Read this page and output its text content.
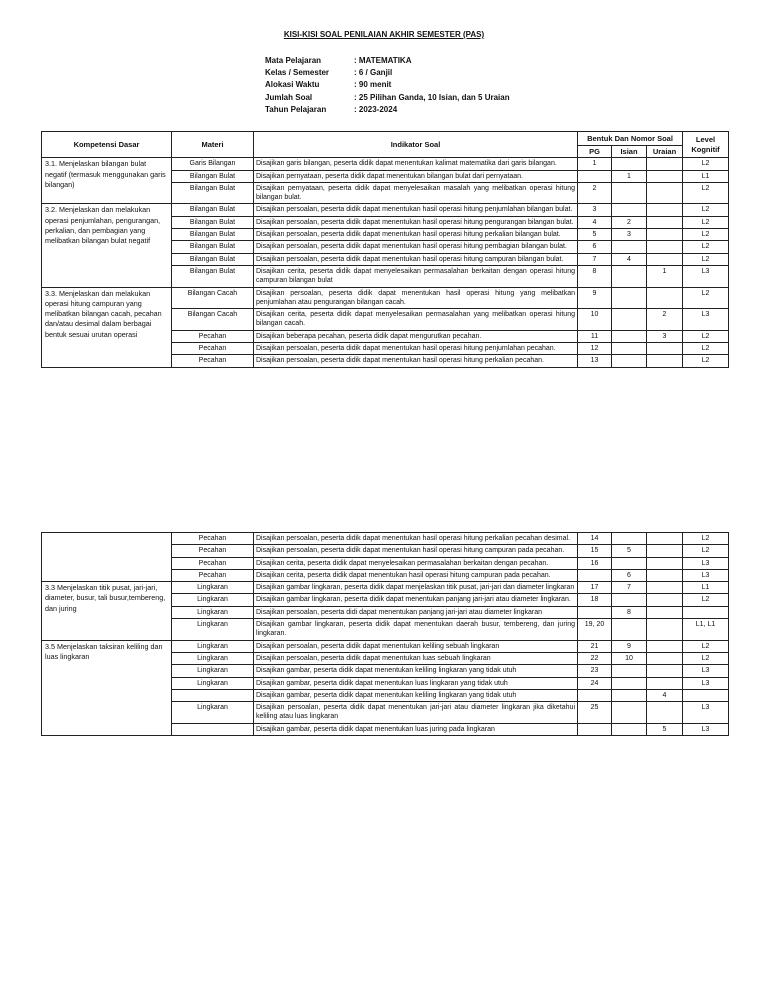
KISI-KISI SOAL PENILAIAN AKHIR SEMESTER (PAS)
Mata Pelajaran	: MATEMATIKA
Kelas / Semester	: 6 / Ganjil
Alokasi Waktu	: 90 menit
Jumlah Soal	: 25 Pilihan Ganda, 10 Isian, dan 5 Uraian
Tahun Pelajaran	: 2023-2024
Kompetensi Dasar	Materi	Indikator Soal	Bentuk Dan Nomor Soal			Level Kognitif
			PG	Isian	Uraian	
3.1. Menjelaskan bilangan bulat negatif (termasuk menggunakan garis bilangan)	Garis Bilangan	Disajikan garis bilangan, peserta didik dapat menentukan kalimat matematika dari garis bilangan.	1			L2
	Bilangan Bulat	Disajikan pernyataan, peserta didik dapat menentukan bilangan bulat dari pernyataan.		1		L1
	Bilangan Bulat	Disajikan pernyataan, peserta didik dapat menyelesaikan masalah yang melibatkan operasi hitung bilangan bulat.	2			L2
3.2. Menjelaskan dan melakukan operasi penjumlahan, pengurangan, perkalian, dan pembagian yang melibatkan bilangan bulat negatif	Bilangan Bulat	Disajikan persoalan, peserta didik dapat menentukan hasil operasi hitung penjumlahan bilangan bulat.	3			L2
	Bilangan Bulat	Disajikan persoalan, peserta didik dapat menentukan hasil operasi hitung pengurangan bilangan bulat.	4	2		L2
	Bilangan Bulat	Disajikan persoalan, peserta didik dapat menentukan hasil operasi hitung perkalian bilangan bulat.	5	3		L2
	Bilangan Bulat	Disajikan persoalan, peserta didik dapat menentukan hasil operasi hitung pembagian bilangan bulat.	6			L2
	Bilangan Bulat	Disajikan persoalan, peserta didik dapat menentukan hasil operasi hitung campuran bilangan bulat.	7	4		L2
	Bilangan Bulat	Disajikan cerita, peserta didik dapat menyelesaikan permasalahan berkaitan dengan operasi hitung campuran bilangan bulat	8		1	L3
3.3. Menjelaskan dan melakukan operasi hitung campuran yang melibatkan bilangan cacah, pecahan dan/atau desimal dalam berbagai bentuk sesuai urutan operasi	Bilangan Cacah	Disajikan persoalan, peserta didik dapat menentukan hasil operasi hitung yang melibatkan penjumlahan atau pengurangan bilangan cacah.	9			L2
	Bilangan Cacah	Disajikan cerita, peserta didik dapat menyelesaikan permasalahan yang melibatkan operasi hitung bilangan cacah.	10		2	L3
	Pecahan	Disajikan beberapa pecahan, peserta didik dapat mengurutkan pecahan.	11		3	L2
	Pecahan	Disajikan persoalan, peserta didik dapat menentukan hasil operasi hitung penjumlahan pecahan.	12			L2
	Pecahan	Disajikan persoalan, peserta didik dapat menentukan hasil operasi hitung perkalian pecahan.	13			L2
	Pecahan	Disajikan persoalan, peserta didik dapat menentukan hasil operasi hitung perkalian pecahan desimal.	14			L2
	Pecahan	Disajikan persoalan, peserta didik dapat menentukan hasil operasi hitung campuran pada pecahan.	15	5		L2
	Pecahan	Disajikan cerita, peserta didik dapat menyelesaikan permasalahan berkaitan dengan pecahan.	16			L3
	Pecahan	Disajikan cerita, peserta didik dapat menentukan hasil operasi hitung campuran pada pecahan.		6		L3
3.3 Menjelaskan titik pusat, jari-jari, diameter, busur, tali busur,tembereng, dan juring	Lingkaran	Disajikan gambar lingkaran, peserta didik dapat menjelaskan titik pusat, jari-jari dan diameter lingkaran	17	7		L1
	Lingkaran	Disajikan gambar lingkaran, peserta didik dapat menentukan panjang jari-jari atau diameter lingkaran.	18			L2
	Lingkaran	Disajikan persoalan, peserta didi dapat menentukan panjang jari-jari atau diameter lingkaran		8		
	Lingkaran	Disajikan gambar lingkaran, peserta didik dapat menentukan daerah busur, tembereng, dan juring lingkaran.	19, 20			L1, L1
3.5 Menjelaskan taksiran keliling dan luas lingkaran	Lingkaran	Disajikan persoalan, peserta didik dapat menentukan keliling sebuah lingkaran	21	9		L2
	Lingkaran	Disajikan persoalan, peserta didik dapat menentukan luas sebuah lingkaran	22	10		L2
	Lingkaran	Disajikan gambar, peserta didik dapat menentukan keliling lingkaran yang tidak utuh	23			L3
	Lingkaran	Disajikan gambar, peserta didik dapat menentukan luas lingkaran yang tidak utuh	24			L3
		Disajikan gambar, peserta didik dapat menentukan keliling lingkaran yang tidak utuh			4	
	Lingkaran	Disajikan persoalan, peserta didik dapat menentukan jari-jari atau diameter lingkaran jika diketahui keliling atau luas lingkaran	25			L3
		Disajikan gambar, peserta didik dapat menentukan luas juring pada lingkaran			5	L3
